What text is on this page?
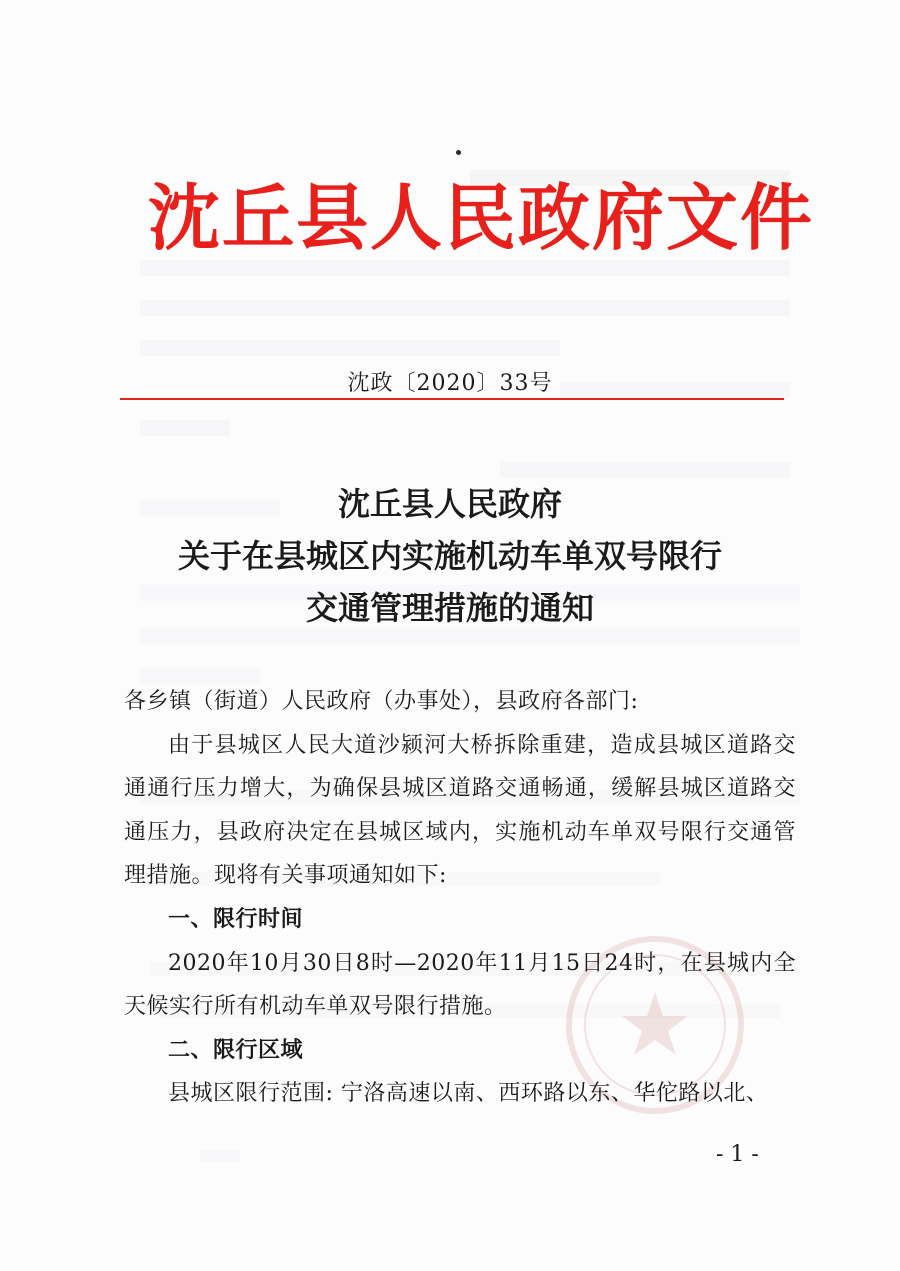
沈丘县人民政府文件
沈政〔2020〕33号
沈丘县人民政府
关于在县城区内实施机动车单双号限行
交通管理措施的通知

各乡镇（街道）人民政府（办事处），县政府各部门:

由于县城区人民大道沙颍河大桥拆除重建，造成县城区道路交通通行压力增大，为确保县城区道路交通畅通，缓解县城区道路交通压力，县政府决定在县城区域内，实施机动车单双号限行交通管理措施。现将有关事项通知如下:

一、限行时间

2020年10月30日8时—2020年11月15日24时，在县城内全天候实行所有机动车单双号限行措施。

二、限行区域

县城区限行范围: 宁洛高速以南、西环路以东、华佗路以北、

- 1 -
